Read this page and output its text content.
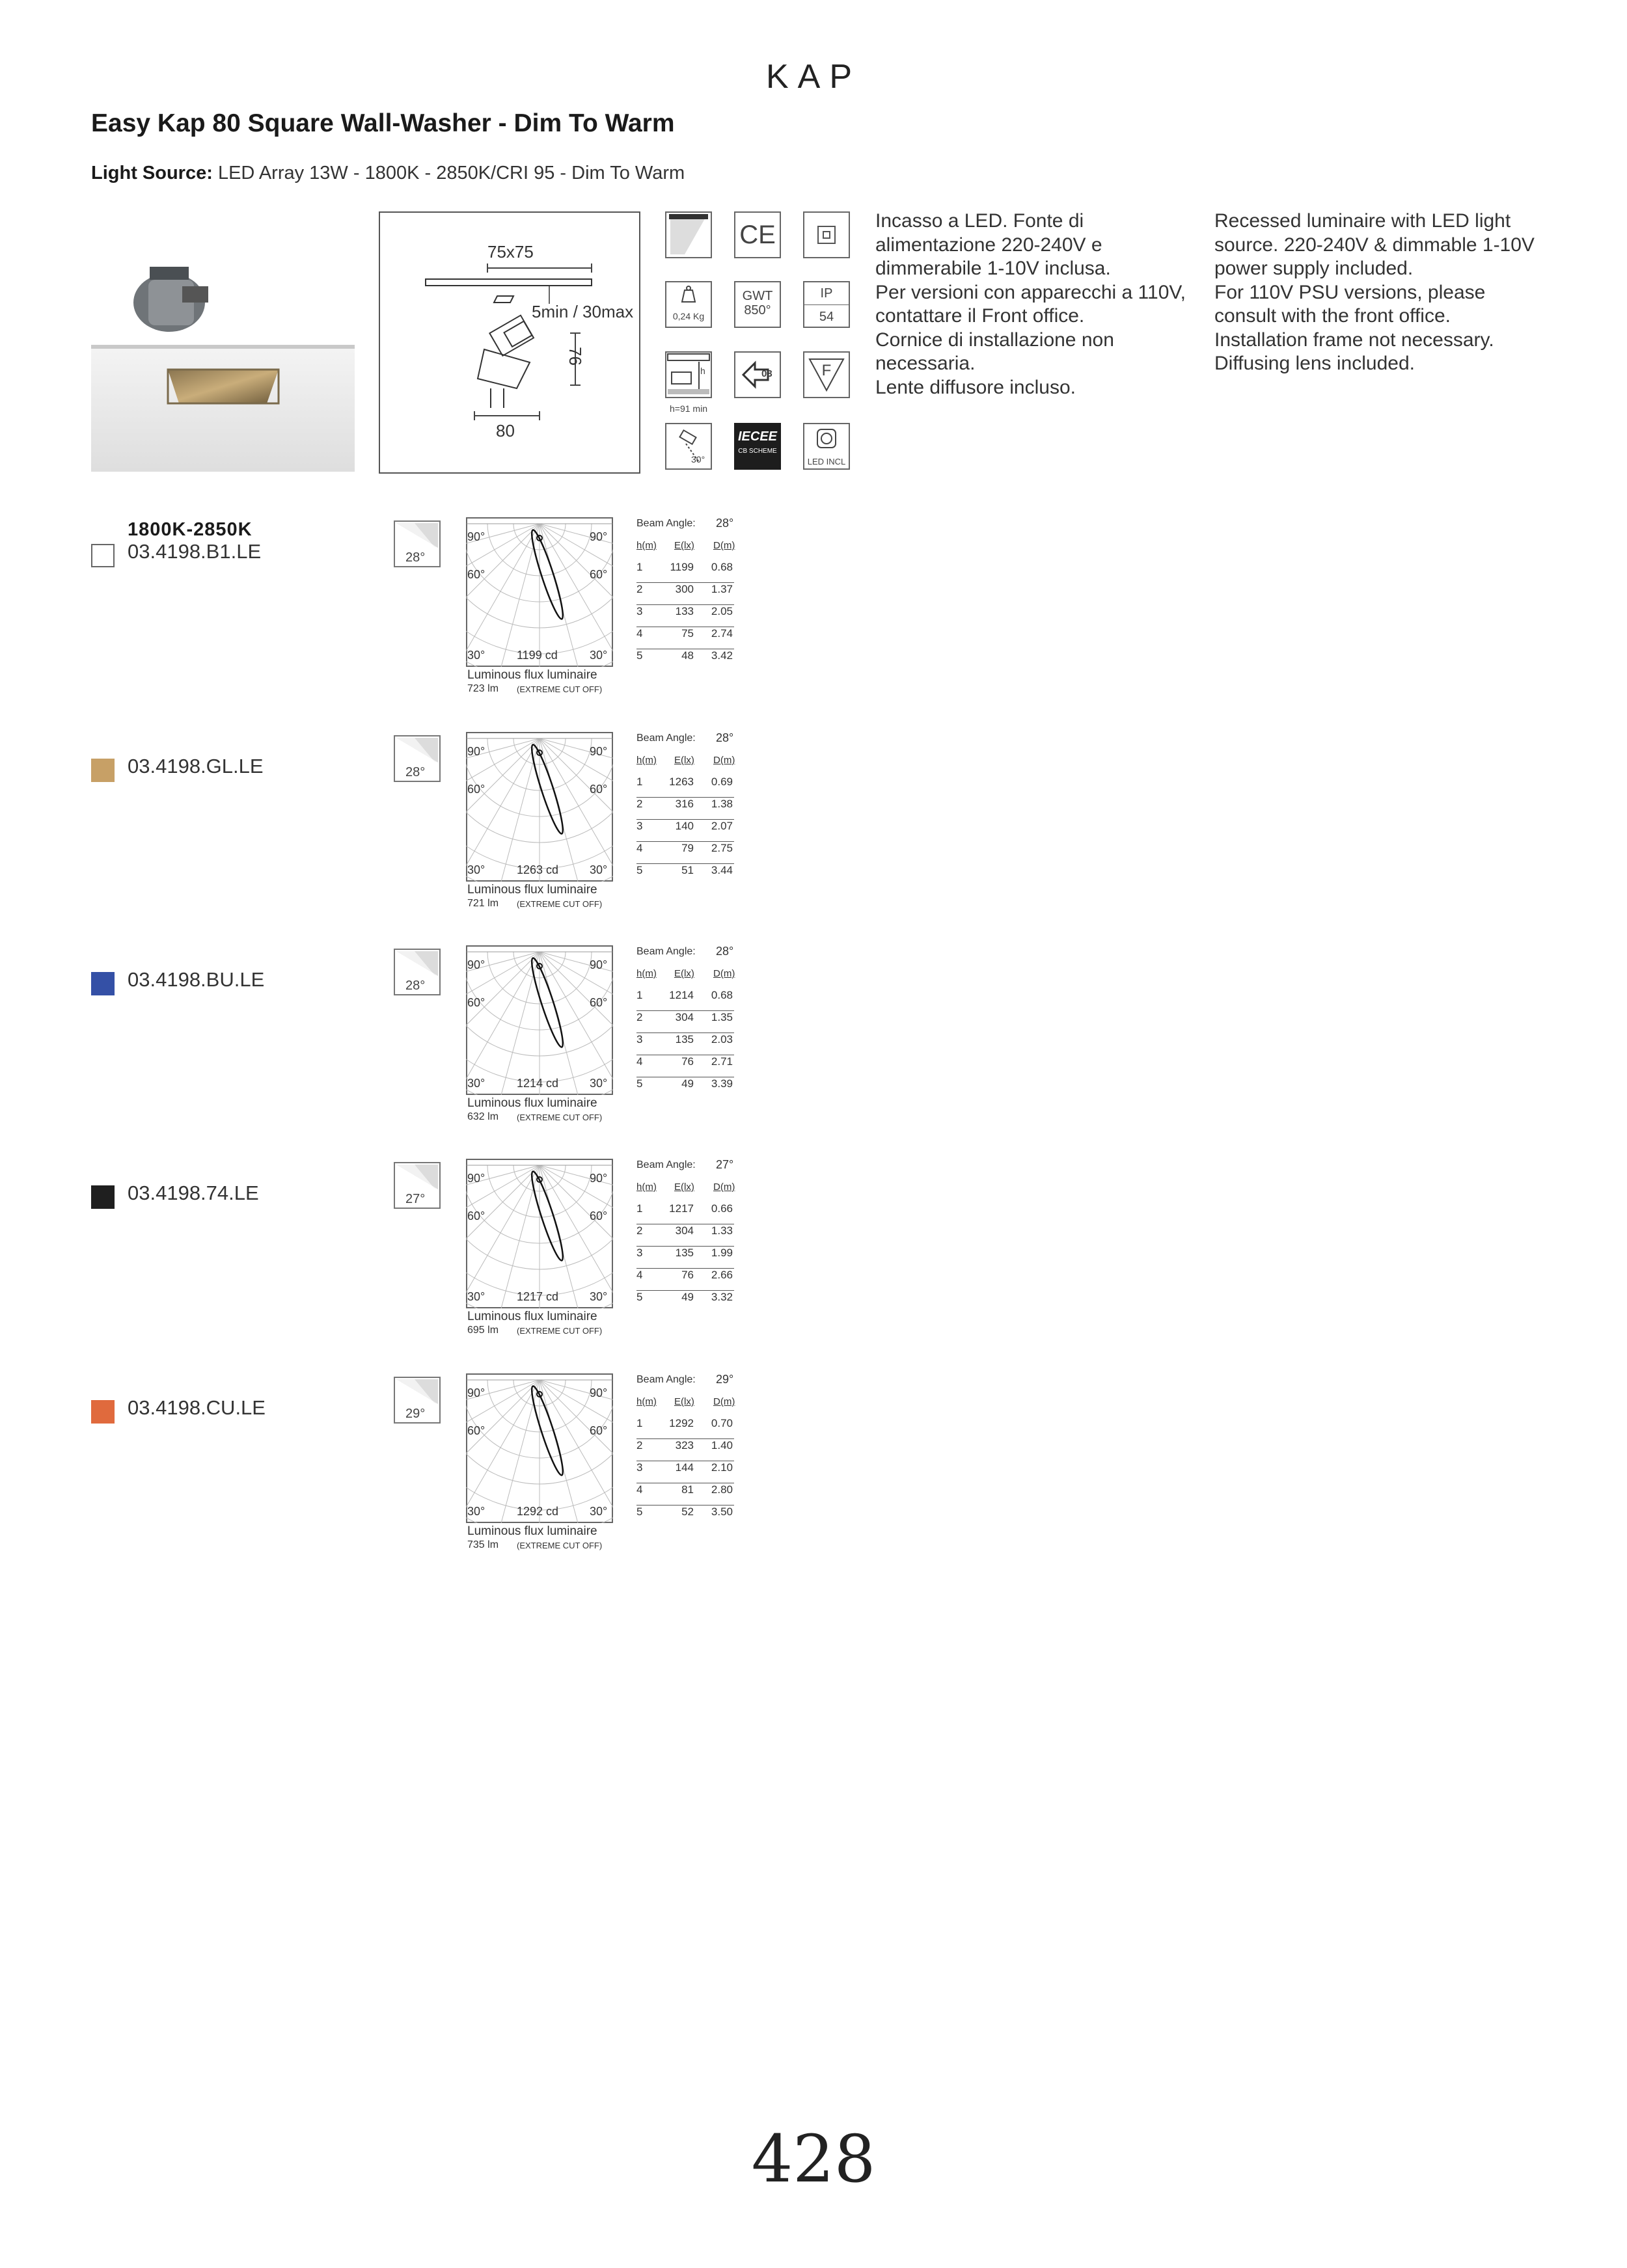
KAP
Easy Kap 80 Square Wall-Washer - Dim To Warm
Light Source: LED Array 13W - 1800K - 2850K/CRI 95 - Dim To Warm
75x75
5min / 30max
76
80
CE
0,24 Kg
GWT
850°
IP
54
h
h=91 min
03	F
30°
IECEE
CB SCHEME
LED INCL
Incasso a LED. Fonte di
alimentazione 220-240V e
dimmerabile 1-10V inclusa.
Per versioni con apparecchi a 110V,
contattare il Front office.
Cornice di installazione non
necessaria.
Lente diffusore incluso.
Recessed luminaire with LED light
source. 220-240V & dimmable 1-10V
power supply included.
For 110V PSU versions, please
consult with the front office.
Installation frame not necessary.
Diffusing lens included.
1800K-2850K
03.4198.B1.LE	28°
90°	90°
60°	60°
30°	30°
1199 cd
Luminous flux luminaire
723 lm (EXTREME CUT OFF)
Beam Angle: 28°
h(m) E(lx) D(m)
1 1199 0.68
2	300 1.37
3	133 2.05
4	75 2.74
5	48 3.42
03.4198.GL.LE	28°
90°	90°
60°	60°
30°	30°
1263 cd
Luminous flux luminaire
721 lm (EXTREME CUT OFF)
Beam Angle: 28°
h(m) E(lx) D(m)
1 1263 0.69
2	316 1.38
3	140 2.07
4	79 2.75
5	51 3.44
03.4198.BU.LE	28°
90°	90°
60°	60°
30°	30°
1214 cd
Luminous flux luminaire
632 lm (EXTREME CUT OFF)
Beam Angle: 28°
h(m) E(lx) D(m)
1 1214 0.68
2	304 1.35
3	135 2.03
4	76 2.71
5	49 3.39
03.4198.74.LE	27°
90°	90°
60°	60°
30°	30°
1217 cd
Luminous flux luminaire
695 lm (EXTREME CUT OFF)
Beam Angle: 27°
h(m) E(lx) D(m)
1 1217 0.66
2	304 1.33
3	135 1.99
4	76 2.66
5	49 3.32
03.4198.CU.LE	29°
90°	90°
60°	60°
30°	30°
1292 cd
Luminous flux luminaire
735 lm (EXTREME CUT OFF)
Beam Angle: 29°
h(m) E(lx) D(m)
1 1292 0.70
2	323 1.40
3	144 2.10
4	81 2.80
5	52 3.50
428
